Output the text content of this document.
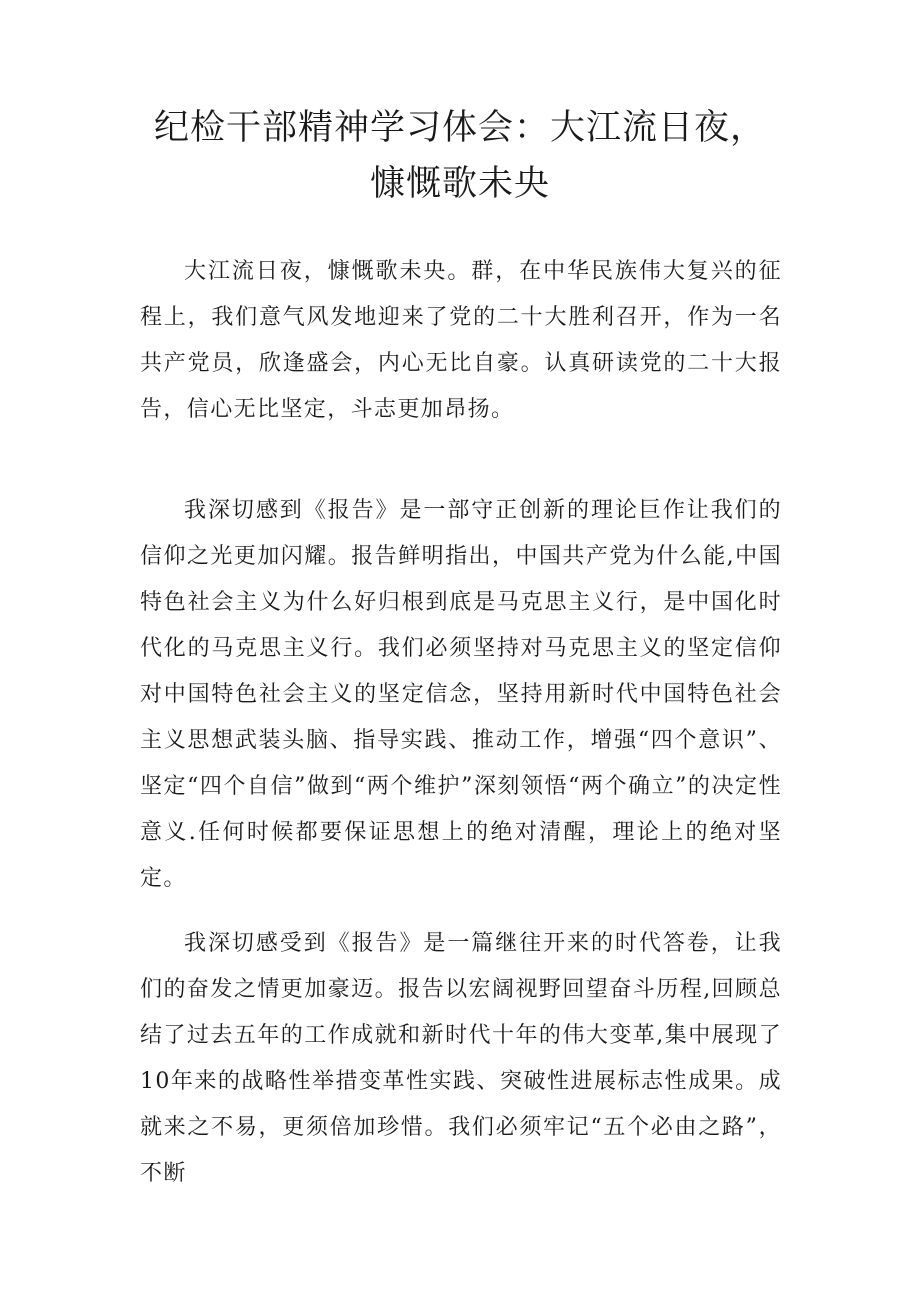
纪检干部精神学习体会：大江流日夜，慷慨歌未央

大江流日夜，慷慨歌未央。群，在中华民族伟大复兴的征程上，我们意气风发地迎来了党的二十大胜利召开，作为一名共产党员，欣逢盛会，内心无比自豪。认真研读党的二十大报告，信心无比坚定，斗志更加昂扬。

我深切感到《报告》是一部守正创新的理论巨作让我们的信仰之光更加闪耀。报告鲜明指出，中国共产党为什么能,中国特色社会主义为什么好归根到底是马克思主义行，是中国化时代化的马克思主义行。我们必须坚持对马克思主义的坚定信仰对中国特色社会主义的坚定信念，坚持用新时代中国特色社会主义思想武装头脑、指导实践、推动工作，增强“四个意识”、坚定“四个自信”做到“两个维护”深刻领悟“两个确立”的决定性意义.任何时候都要保证思想上的绝对清醒，理论上的绝对坚定。

我深切感受到《报告》是一篇继往开来的时代答卷，让我们的奋发之情更加豪迈。报告以宏阔视野回望奋斗历程,回顾总结了过去五年的工作成就和新时代十年的伟大变革,集中展现了10年来的战略性举措变革性实践、突破性进展标志性成果。成就来之不易，更须倍加珍惜。我们必须牢记“五个必由之路”，不断
